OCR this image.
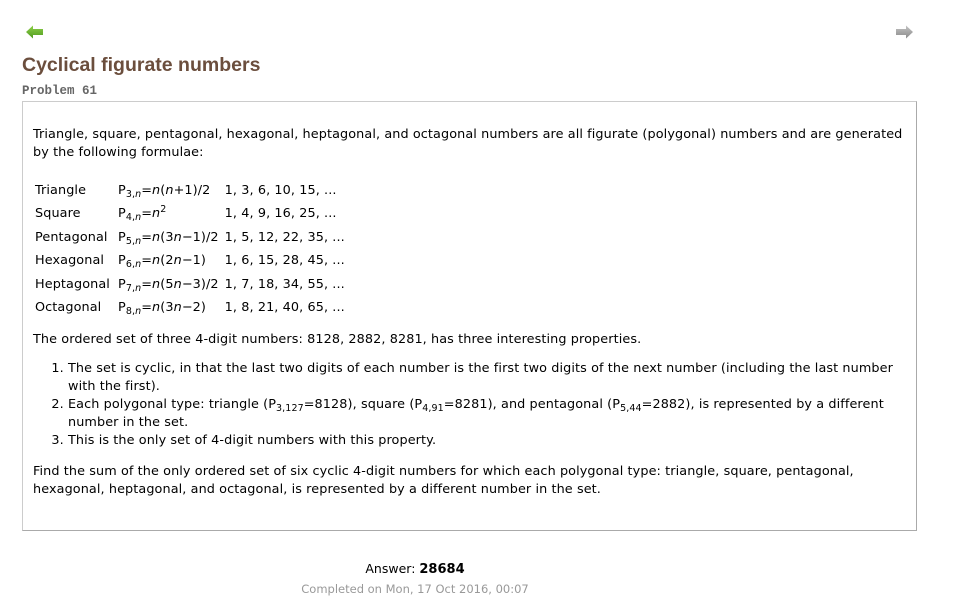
Cyclical figurate numbers
Problem 61

Triangle, square, pentagonal, hexagonal, heptagonal, and octagonal numbers are all figurate (polygonal) numbers and are generated by the following formulae:

Triangle	$P_{3,n}=n(n+1)/2$	1, 3, 6, 10, 15, ...
Square	$P_{4,n}=n^2$	1, 4, 9, 16, 25, ...
Pentagonal	$P_{5,n}=n(3n-1)/2$	1, 5, 12, 22, 35, ...
Hexagonal	$P_{6,n}=n(2n-1)$	1, 6, 15, 28, 45, ...
Heptagonal	$P_{7,n}=n(5n-3)/2$	1, 7, 18, 34, 55, ...
Octagonal	$P_{8,n}=n(3n-2)$	1, 8, 21, 40, 65, ...

The ordered set of three 4-digit numbers: 8128, 2882, 8281, has three interesting properties.

1. The set is cyclic, in that the last two digits of each number is the first two digits of the next number (including the last number with the first).
2. Each polygonal type: triangle $(P_{3,127}=8128)$, square $(P_{4,91}=8281)$, and pentagonal $(P_{5,44}=2882)$, is represented by a different number in the set.
3. This is the only set of 4-digit numbers with this property.

Find the sum of the only ordered set of six cyclic 4-digit numbers for which each polygonal type: triangle, square, pentagonal, hexagonal, heptagonal, and octagonal, is represented by a different number in the set.

Answer: 28684
Completed on Mon, 17 Oct 2016, 00:07
